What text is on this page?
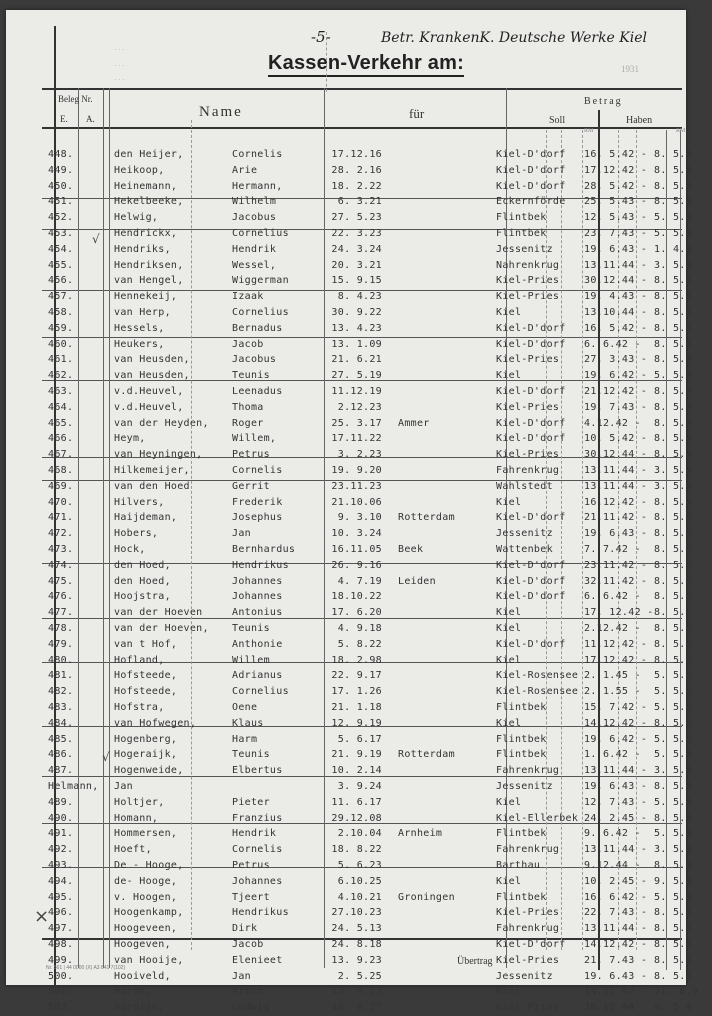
-5-	Betr. KrankenK. Deutsche Werke Kiel
· · ·
· · ·
· · ·
1931
Kassen-Verkehr am:
Beleg Nr.
E. A.	Name	für
Betrag
Soll	Haben
RM	RM
448.	den Heijer,	Cornelis	17.12.16	Kiel-D'dorf	16. 5.42 - 8. 5.4
449.	Heikoop,	Arie	28. 2.16	Kiel-D'dorf	17.12.42 - 8. 5.4
450.	Heinemann,	Hermann,	18. 2.22	Kiel-D'dorf	28. 5.42 - 8. 5.4
451.	Hekelbeeke,	Wilhelm	6. 3.21	Eckernförde	25. 5.43 - 8. 5.4
452.	Helwig,	Jacobus	27. 5.23	Flintbek	12. 5.43 - 5. 5.4
453.	Hendrickx,	Cornelius	22. 3.23	Flintbek	23. 7.43 - 5. 5.4
454.	Hendriks,	Hendrik	24. 3.24	Jessenitz	19. 6.43 - 1. 4.4
455.	Hendriksen,	Wessel,	20. 3.21	Nahrenkrug	13.11.44 - 3. 5.4
456.	van Hengel,	Wiggerman	15. 9.15	Kiel-Pries	30.12.44 - 8. 5.4
457.	Hennekeij,	Izaak	8. 4.23	Kiel-Pries	19. 4.43 - 8. 5.4
458.	van Herp,	Cornelius	30. 9.22	Kiel	13.10.44 - 8. 5.4
459.	Hessels,	Bernadus	13. 4.23	Kiel-D'dorf	16. 5.42 - 8. 5.4
460.	Heukers,	Jacob	13. 1.09	Kiel-D'dorf	6. 6.42 -	8. 5.4
461.	van Heusden,	Jacobus	21. 6.21	Kiel-Pries	27. 3.43 - 8. 5.4
462.	van Heusden,	Teunis	27. 5.19	Kiel	19. 6.42 - 5. 5.4
463.	v.d.Heuvel,	Leenadus	11.12.19	Kiel-D'dorf	21.12.42 - 8. 5.4
464.	v.d.Heuvel,	Thoma	2.12.23	Kiel-Pries	19. 7.43 - 8. 5.4
465.	van der Heyden, Roger	25. 3.17 Ammer	Kiel-D'dorf	4.12.42 -	8. 5.4
466.	Heym,	Willem,	17.11.22	Kiel-D'dorf	10. 5.42 - 8. 5.4
467.	van Heyningen,	Petrus	3. 2.23	Kiel-Pries	30.12.44 - 8. 5.4
468.	Hilkemeijer,	Cornelis	19. 9.20	Fahrenkrug	13.11.44 - 3. 5.4
469.	van den Hoed	Gerrit	23.11.23	Wahlstedt	13.11.44 - 3. 5.4
470.	Hilvers,	Frederik	21.10.06	Kiel	16.12.42 - 8. 5.4
471.	Haijdeman,	Josephus	9. 3.10 Rotterdam	Kiel-D'dorf	21.11.42 - 8. 5.4
472.	Hobers,	Jan	10. 3.24	Jessenitz	19. 6.43 - 8. 5.4
473.	Hock,	Bernhardus	16.11.05 Beek	Wattenbek	7. 7.42 -	8. 5.4
474.	den Hoed,	Hendrikus	26. 9.16	Kiel-D'dorf	23.11.42 - 8. 5.4
475.	den Hoed,	Johannes	4. 7.19 Leiden	Kiel-D'dorf	32.11.42 - 8. 5.4
476.	Hoojstra,	Johannes	18.10.22	Kiel-D'dorf	6. 6.42 -	8. 5.4
477.	van der Hoeven	Antonius	17. 6.20	Kiel	17. 12.42 - 8. 5.
478.	van der Hoeven, Teunis	4. 9.18	Kiel	2.12.42 -	8. 5.4
479.	van t Hof,	Anthonie	5. 8.22	Kiel-D'dorf	11.12.42 - 8. 5.4
480.	Hofland,	Willem	18. 2.98	Kiel	17.12.42 - 8. 5.4
481.	Hofsteede,	Adrianus	22. 9.17	Kiel-Rosensee 2. 1.45 -	5. 5.4
482.	Hofsteede,	Cornelius	17. 1.26	Kiel-Rosensee 2. 1.55 -	5. 5.4
483.	Hofstra,	Oene	21. 1.18	Flintbek	15. 7.42 - 5. 5.4
484.	van Hofwegen,	Klaus	12. 9.19	Kiel	14.12.42 - 8. 5.4
485.	Hogenberg,	Harm	5. 6.17	Flintbek	19. 6.42 - 5. 5.4
486.	Hogeraijk,	Teunis	21. 9.19 Rotterdam	Flintbek	1. 6.42 -	5. 5.4
487.	Hogenweide,	Elbertus	10. 2.14	Fahrenkrug	13.11.44 - 3. 5.4
Helmann, Jan	3. 9.24	Jessenitz	19. 6.43 - 8. 5.4
489.	Holtjer,	Pieter	11. 6.17	Kiel	12. 7.43 - 5. 5.4
490.	Homann,	Franzius	29.12.08	Kiel-Ellerbek 24. 2.45 - 8. 5.4
491.	Hommersen,	Hendrik	2.10.04 Arnheim	Flintbek	9. 6.42 -	5. 5.4
492.	Hoeft,	Cornelis	18. 8.22	Fahrenkrug	13.11.44 - 3. 5.4
493.	De - Hooge,	Petrus	5. 6.23	Barthau	9.12.44 -	8. 5.4
494.	de- Hooge,	Johannes	6.10.25	Kiel	10. 2.45 - 9. 5.4
495.	v. Hoogen,	Tjeert	4.10.21 Groningen	Flintbek	16. 6.42 - 5. 5.4
496.	Hoogenkamp,	Hendrikus	27.10.23	Kiel-Pries	22. 7.43 - 8. 5.4
497.	Hoogeveen,	Dirk	24. 5.13	Fahrenkrug	13.11.44 - 8. 5.4
498.	Hoogeven,	Jacob	24. 8.18	Kiel-D'dorf	14.12.42 - 8. 5.4
499.	van Hooije,	Elenieet	13. 9.23	Kiel-Pries	21. 7.43 - 8. 5.4
500.	Hooiveld,	Jan	2. 5.25	Jessenitz	19. 6.43 - 8. 5.4
501.	Hordk,	Armin	13. 9.13	Kiel	14.12.42 - 31. 8.9
502.	Hordijk,	Ludwig	16. 6.27	Kiel-Pries	30.12.44 - 8. 5.4
√
√
×
Übertrag
Nr. 561 | 44 0000 (X) A3 841 7(102)
